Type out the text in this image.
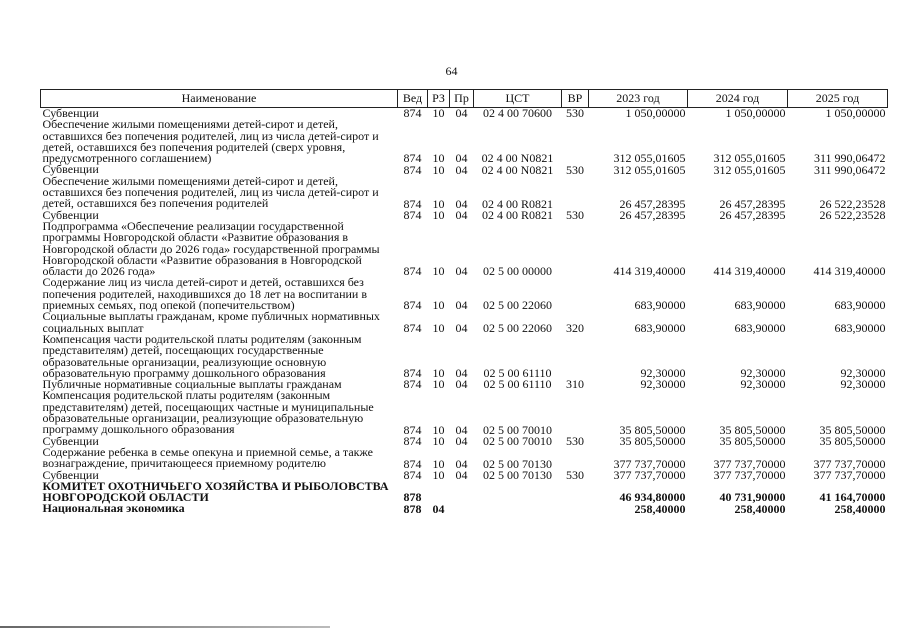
64
Наименование	Вед	РЗ	Пр	ЦСТ	ВР	2023 год	2024 год	2025 год
Субвенции	874	10	04	02 4 00 70600	530	1 050,00000	1 050,00000	1 050,00000
Обеспечение жилыми помещениями детей-сирот и детей, оставшихся без попечения родителей, лиц из числа детей-сирот и детей, оставшихся без попечения родителей (сверх уровня, предусмотренного соглашением)	874	10	04	02 4 00 N0821		312 055,01605	312 055,01605	311 990,06472
Субвенции	874	10	04	02 4 00 N0821	530	312 055,01605	312 055,01605	311 990,06472
Обеспечение жилыми помещениями детей-сирот и детей, оставшихся без попечения родителей, лиц из числа детей-сирот и детей, оставшихся без попечения родителей	874	10	04	02 4 00 R0821		26 457,28395	26 457,28395	26 522,23528
Субвенции	874	10	04	02 4 00 R0821	530	26 457,28395	26 457,28395	26 522,23528
Подпрограмма «Обеспечение реализации государственной программы Новгородской области «Развитие образования в Новгородской области до 2026 года» государственной программы Новгородской области «Развитие образования в Новгородской области до 2026 года»	874	10	04	02 5 00 00000		414 319,40000	414 319,40000	414 319,40000
Содержание лиц из числа детей-сирот и детей, оставшихся без попечения родителей, находившихся до 18 лет на воспитании в приемных семьях, под опекой (попечительством)	874	10	04	02 5 00 22060		683,90000	683,90000	683,90000
Социальные выплаты гражданам, кроме публичных нормативных социальных выплат	874	10	04	02 5 00 22060	320	683,90000	683,90000	683,90000
Компенсация части родительской платы родителям (законным представителям) детей, посещающих государственные образовательные организации, реализующие основную образовательную программу дошкольного образования	874	10	04	02 5 00 61110		92,30000	92,30000	92,30000
Публичные нормативные социальные выплаты гражданам	874	10	04	02 5 00 61110	310	92,30000	92,30000	92,30000
Компенсация родительской платы родителям (законным представителям) детей, посещающих частные и муниципальные образовательные организации, реализующие образовательную программу дошкольного образования	874	10	04	02 5 00 70010		35 805,50000	35 805,50000	35 805,50000
Субвенции	874	10	04	02 5 00 70010	530	35 805,50000	35 805,50000	35 805,50000
Содержание ребенка в семье опекуна и приемной семье, а также вознаграждение, причитающееся приемному родителю	874	10	04	02 5 00 70130		377 737,70000	377 737,70000	377 737,70000
Субвенции	874	10	04	02 5 00 70130	530	377 737,70000	377 737,70000	377 737,70000
КОМИТЕТ ОХОТНИЧЬЕГО ХОЗЯЙСТВА И РЫБОЛОВСТВА НОВГОРОДСКОЙ ОБЛАСТИ	878					46 934,80000	40 731,90000	41 164,70000
Национальная экономика	878	04				258,40000	258,40000	258,40000
